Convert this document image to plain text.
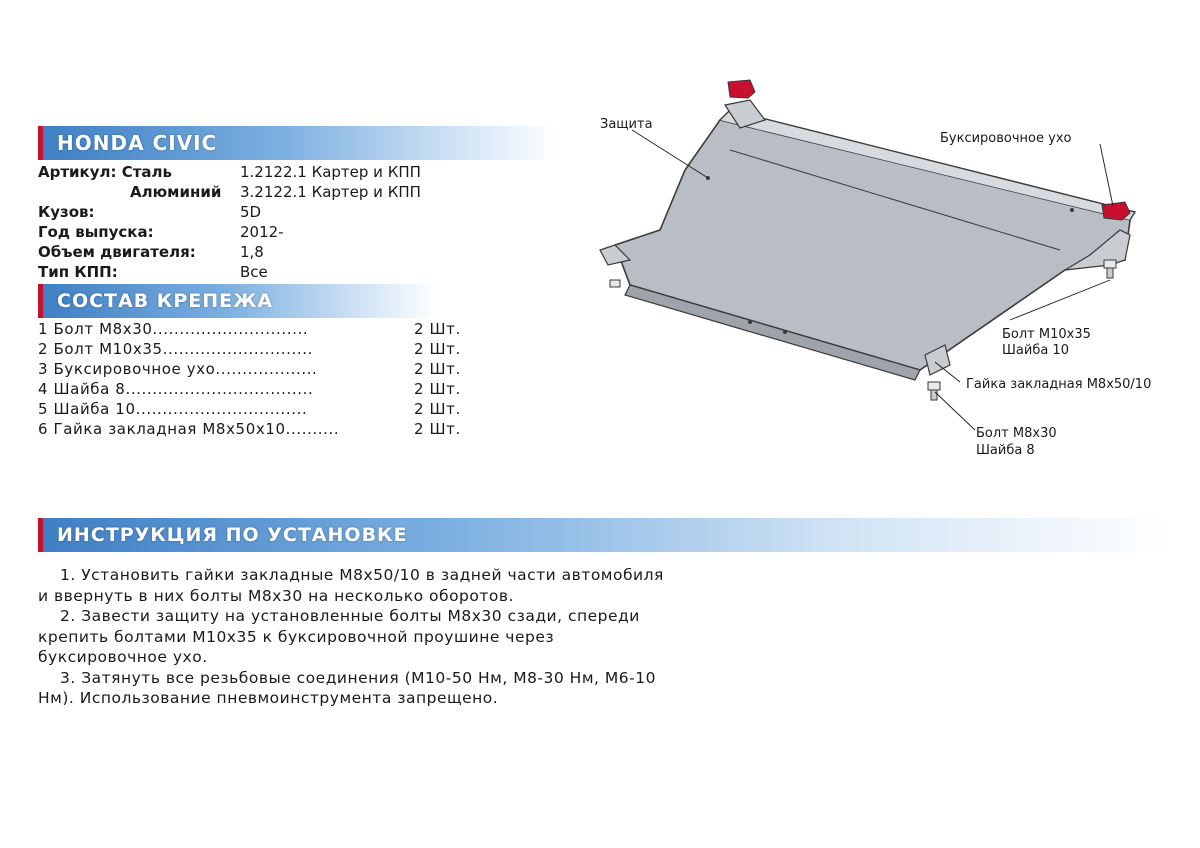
HONDA CIVIC
Артикул: Сталь	1.2122.1 Картер и КПП
Алюминий 3.2122.1 Картер и КПП
Кузов:	5D
Год выпуска:	2012-
Объем двигателя:	1,8
Тип КПП:	Все
СОСТАВ КРЕПЕЖА
1 Болт М8х30.............................	2 Шт.
2 Болт М10х35............................	2 Шт.
3 Буксировочное ухо...................	2 Шт.
4 Шайба 8...................................	2 Шт.
5 Шайба 10................................	2 Шт.
6 Гайка закладная М8х50х10..........	2 Шт.
Защита
Буксировочное ухо
Болт М10х35
Шайба 10
Гайка закладная М8х50/10
Болт М8х30
Шайба 8
ИНСТРУКЦИЯ ПО УСТАНОВКЕ

1. Установить гайки закладные М8х50/10 в задней части автомобиля и ввернуть в них болты М8х30 на несколько оборотов.

2. Завести защиту на установленные болты М8х30 сзади, спереди крепить болтами М10х35 к буксировочной проушине через буксировочное ухо.

3. Затянуть все резьбовые соединения (М10-50 Нм, М8-30 Нм, М6-10 Нм). Использование пневмоинструмента запрещено.
